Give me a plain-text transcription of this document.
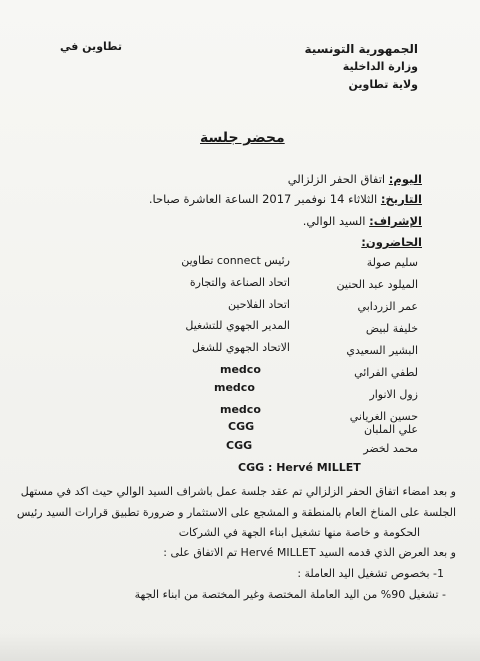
تطاوين في	الجمهورية التونسية
وزارة الداخلية
ولاية تطاوين
محضر جلسة
اليوم: اتفاق الحفر الزلزالي
التاريخ: الثلاثاء 14 نوفمبر 2017 الساعة العاشرة صباحا.
الإشراف: السيد الوالي.
الحاضرون:
سليم صولة
رئيس connect تطاوين
الميلود عبد الحنين
اتحاد الصناعة والتجارة
عمر الزردابي
اتحاد الفلاحين
خليفة لبيض
المدير الجهوي للتشغيل
البشير السعيدي
الاتحاد الجهوي للشغل
لطفي الفرائي
medco
زول الانوار
medco
حسين الغرياني
medco
علي الملبان
CGG
محمد لخضر
CGG
CGG : Hervé MILLET
و بعد امضاء اتفاق الحفر الزلزالي تم عقد جلسة عمل باشراف السيد الوالي حيث اكد في مستهل
الجلسة على المناخ العام بالمنطقة و المشجع على الاستثمار و ضرورة تطبيق قرارات السيد رئيس
الحكومة و خاصة منها تشغيل ابناء الجهة في الشركات
و بعد العرض الذي قدمه السيد Hervé MILLET تم الاتفاق على :
1- بخصوص تشغيل اليد العاملة :
- تشغيل 90% من اليد العاملة المختصة وغير المختصة من ابناء الجهة
